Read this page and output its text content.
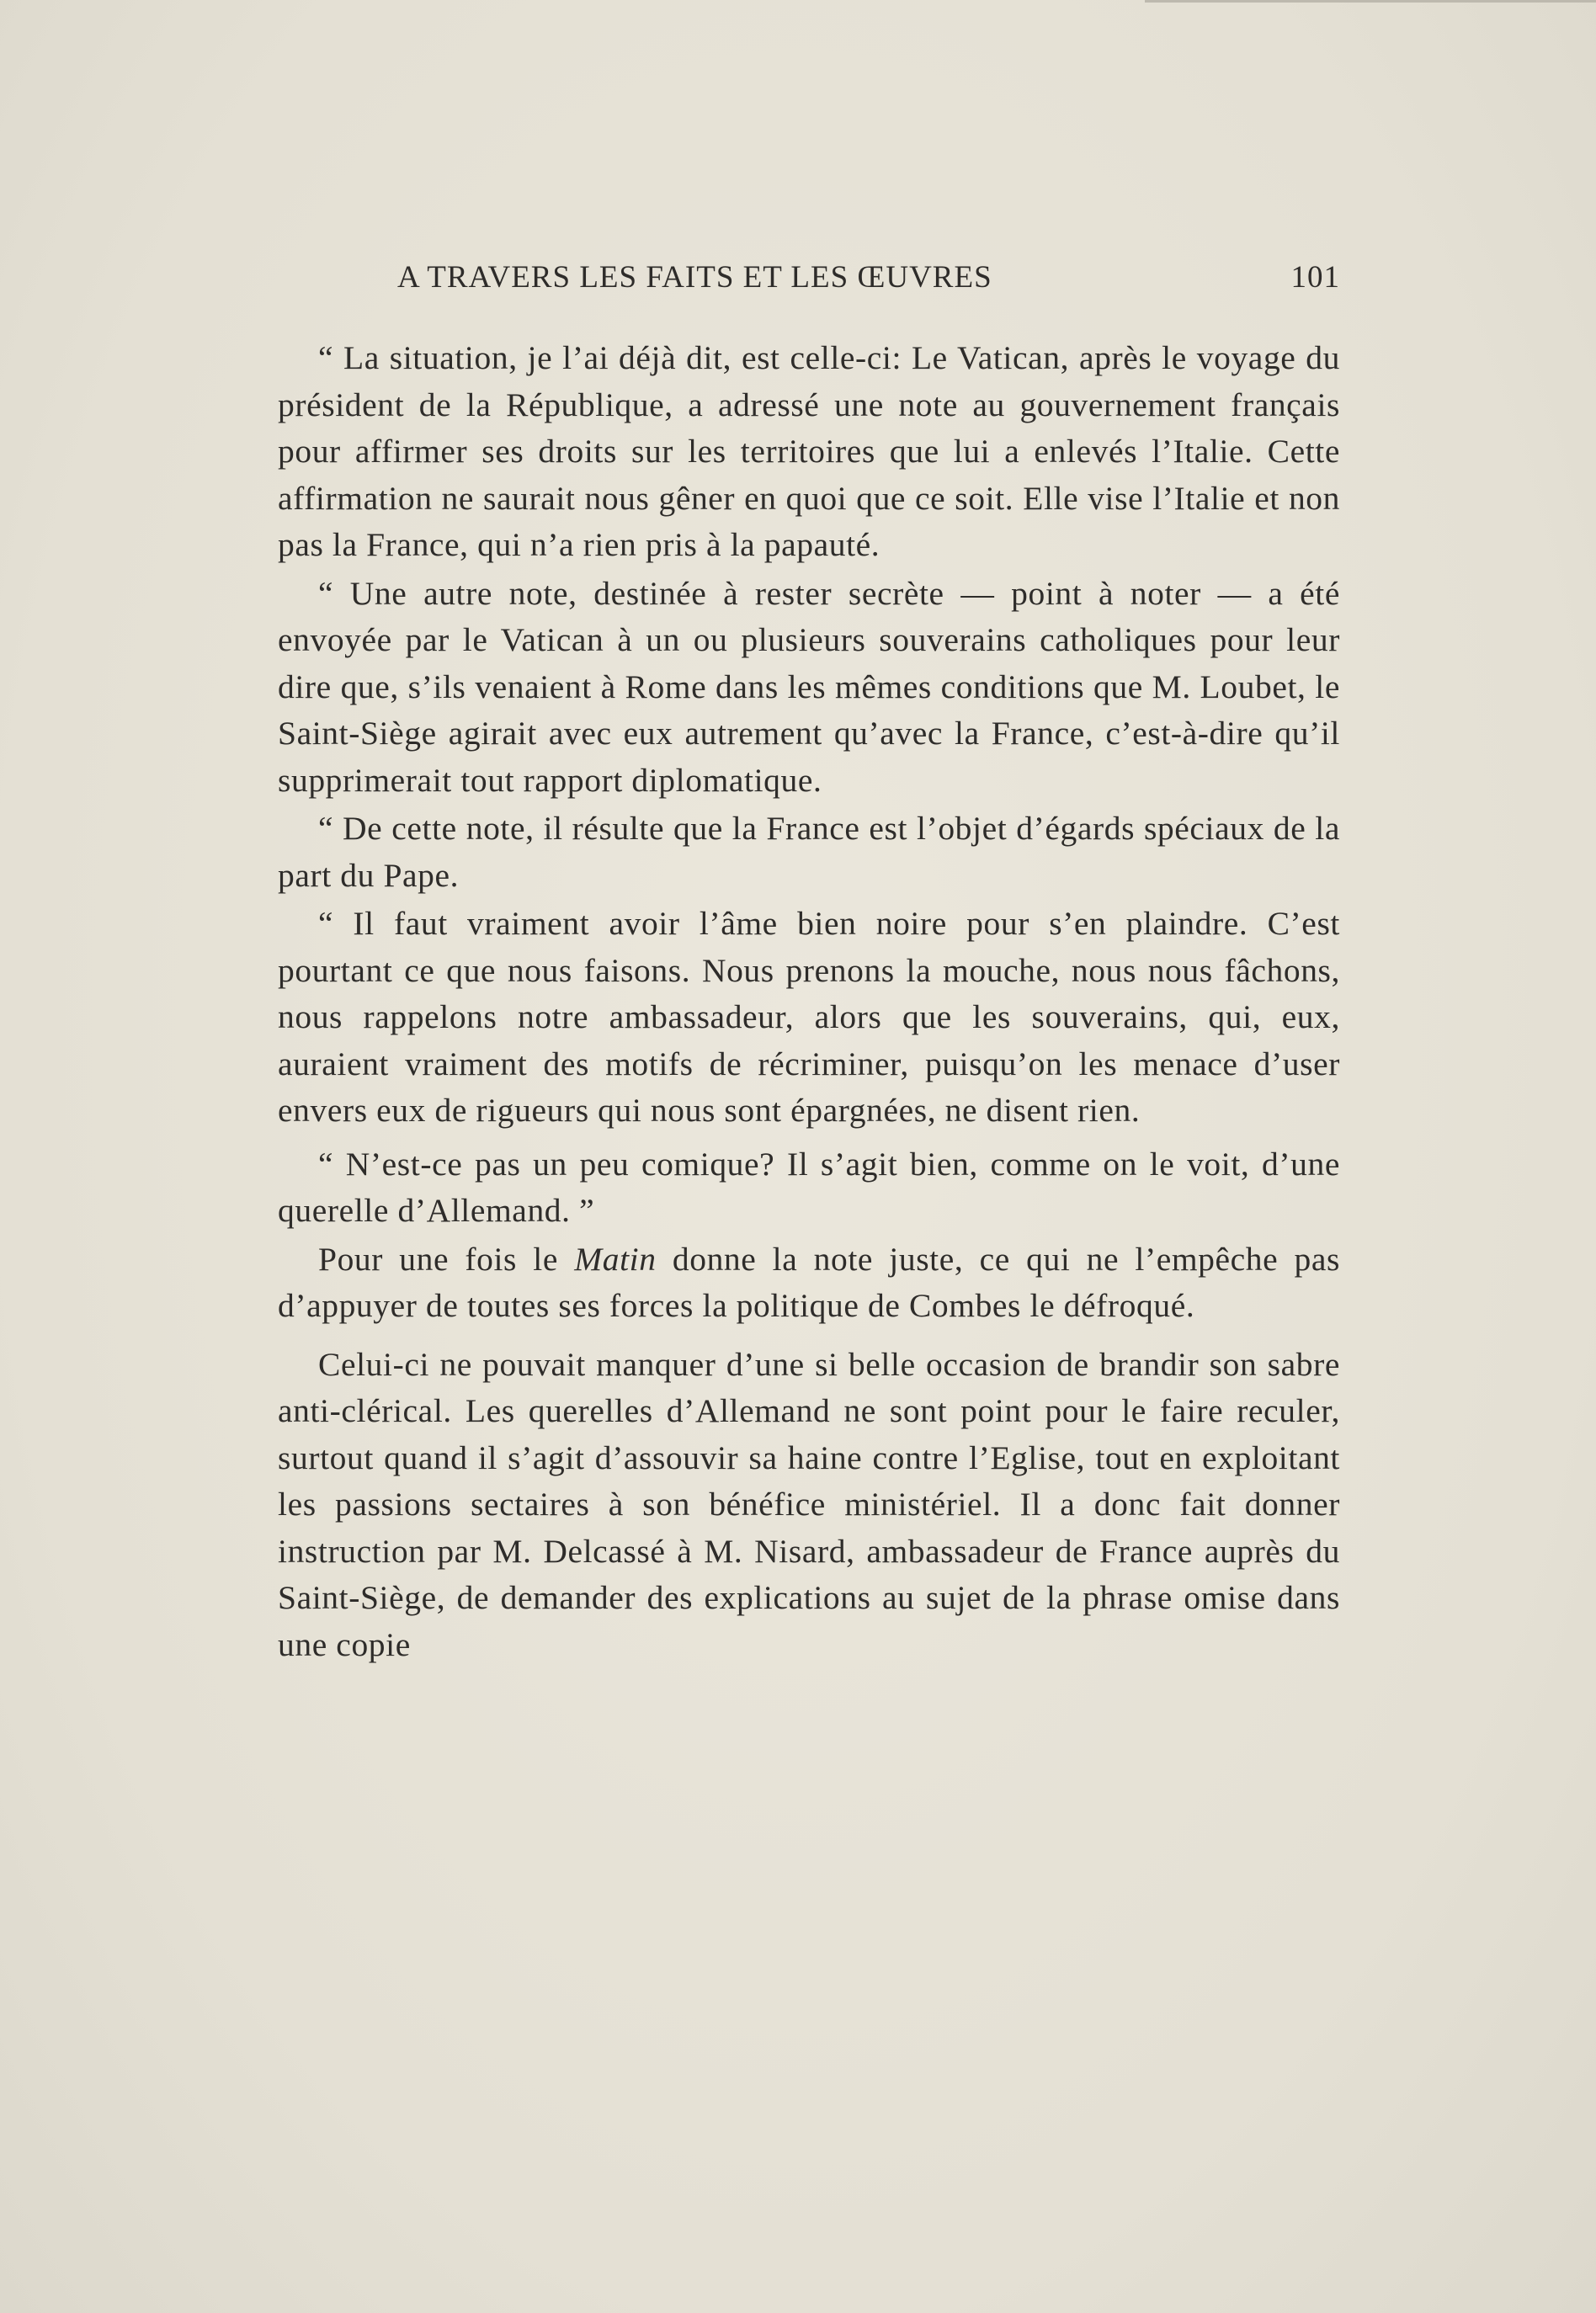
A TRAVERS LES FAITS ET LES ŒUVRES	101

“ La situation, je l’ai déjà dit, est celle-ci: Le Vatican, après le voyage du président de la République, a adressé une note au gouvernement français pour affirmer ses droits sur les territoires que lui a enlevés l’Italie. Cette affirmation ne saurait nous gêner en quoi que ce soit. Elle vise l’Italie et non pas la France, qui n’a rien pris à la papauté.

“ Une autre note, destinée à rester secrète — point à noter — a été envoyée par le Vatican à un ou plusieurs souverains catholiques pour leur dire que, s’ils venaient à Rome dans les mêmes conditions que M. Loubet, le Saint-Siège agirait avec eux autrement qu’avec la France, c’est-à-dire qu’il supprimerait tout rapport diplomatique.

“ De cette note, il résulte que la France est l’objet d’égards spéciaux de la part du Pape.

“ Il faut vraiment avoir l’âme bien noire pour s’en plaindre. C’est pourtant ce que nous faisons. Nous prenons la mouche, nous nous fâchons, nous rappelons notre ambassadeur, alors que les souverains, qui, eux, auraient vraiment des motifs de récriminer, puisqu’on les menace d’user envers eux de rigueurs qui nous sont épargnées, ne disent rien.

“ N’est-ce pas un peu comique? Il s’agit bien, comme on le voit, d’une querelle d’Allemand. ”

Pour une fois le Matin donne la note juste, ce qui ne l’empêche pas d’appuyer de toutes ses forces la politique de Combes le défroqué.

Celui-ci ne pouvait manquer d’une si belle occasion de brandir son sabre anti-clérical. Les querelles d’Allemand ne sont point pour le faire reculer, surtout quand il s’agit d’assouvir sa haine contre l’Eglise, tout en exploitant les passions sectaires à son bénéfice ministériel. Il a donc fait donner instruction par M. Delcassé à M. Nisard, ambassadeur de France auprès du Saint-Siège, de demander des explications au sujet de la phrase omise dans une copie
